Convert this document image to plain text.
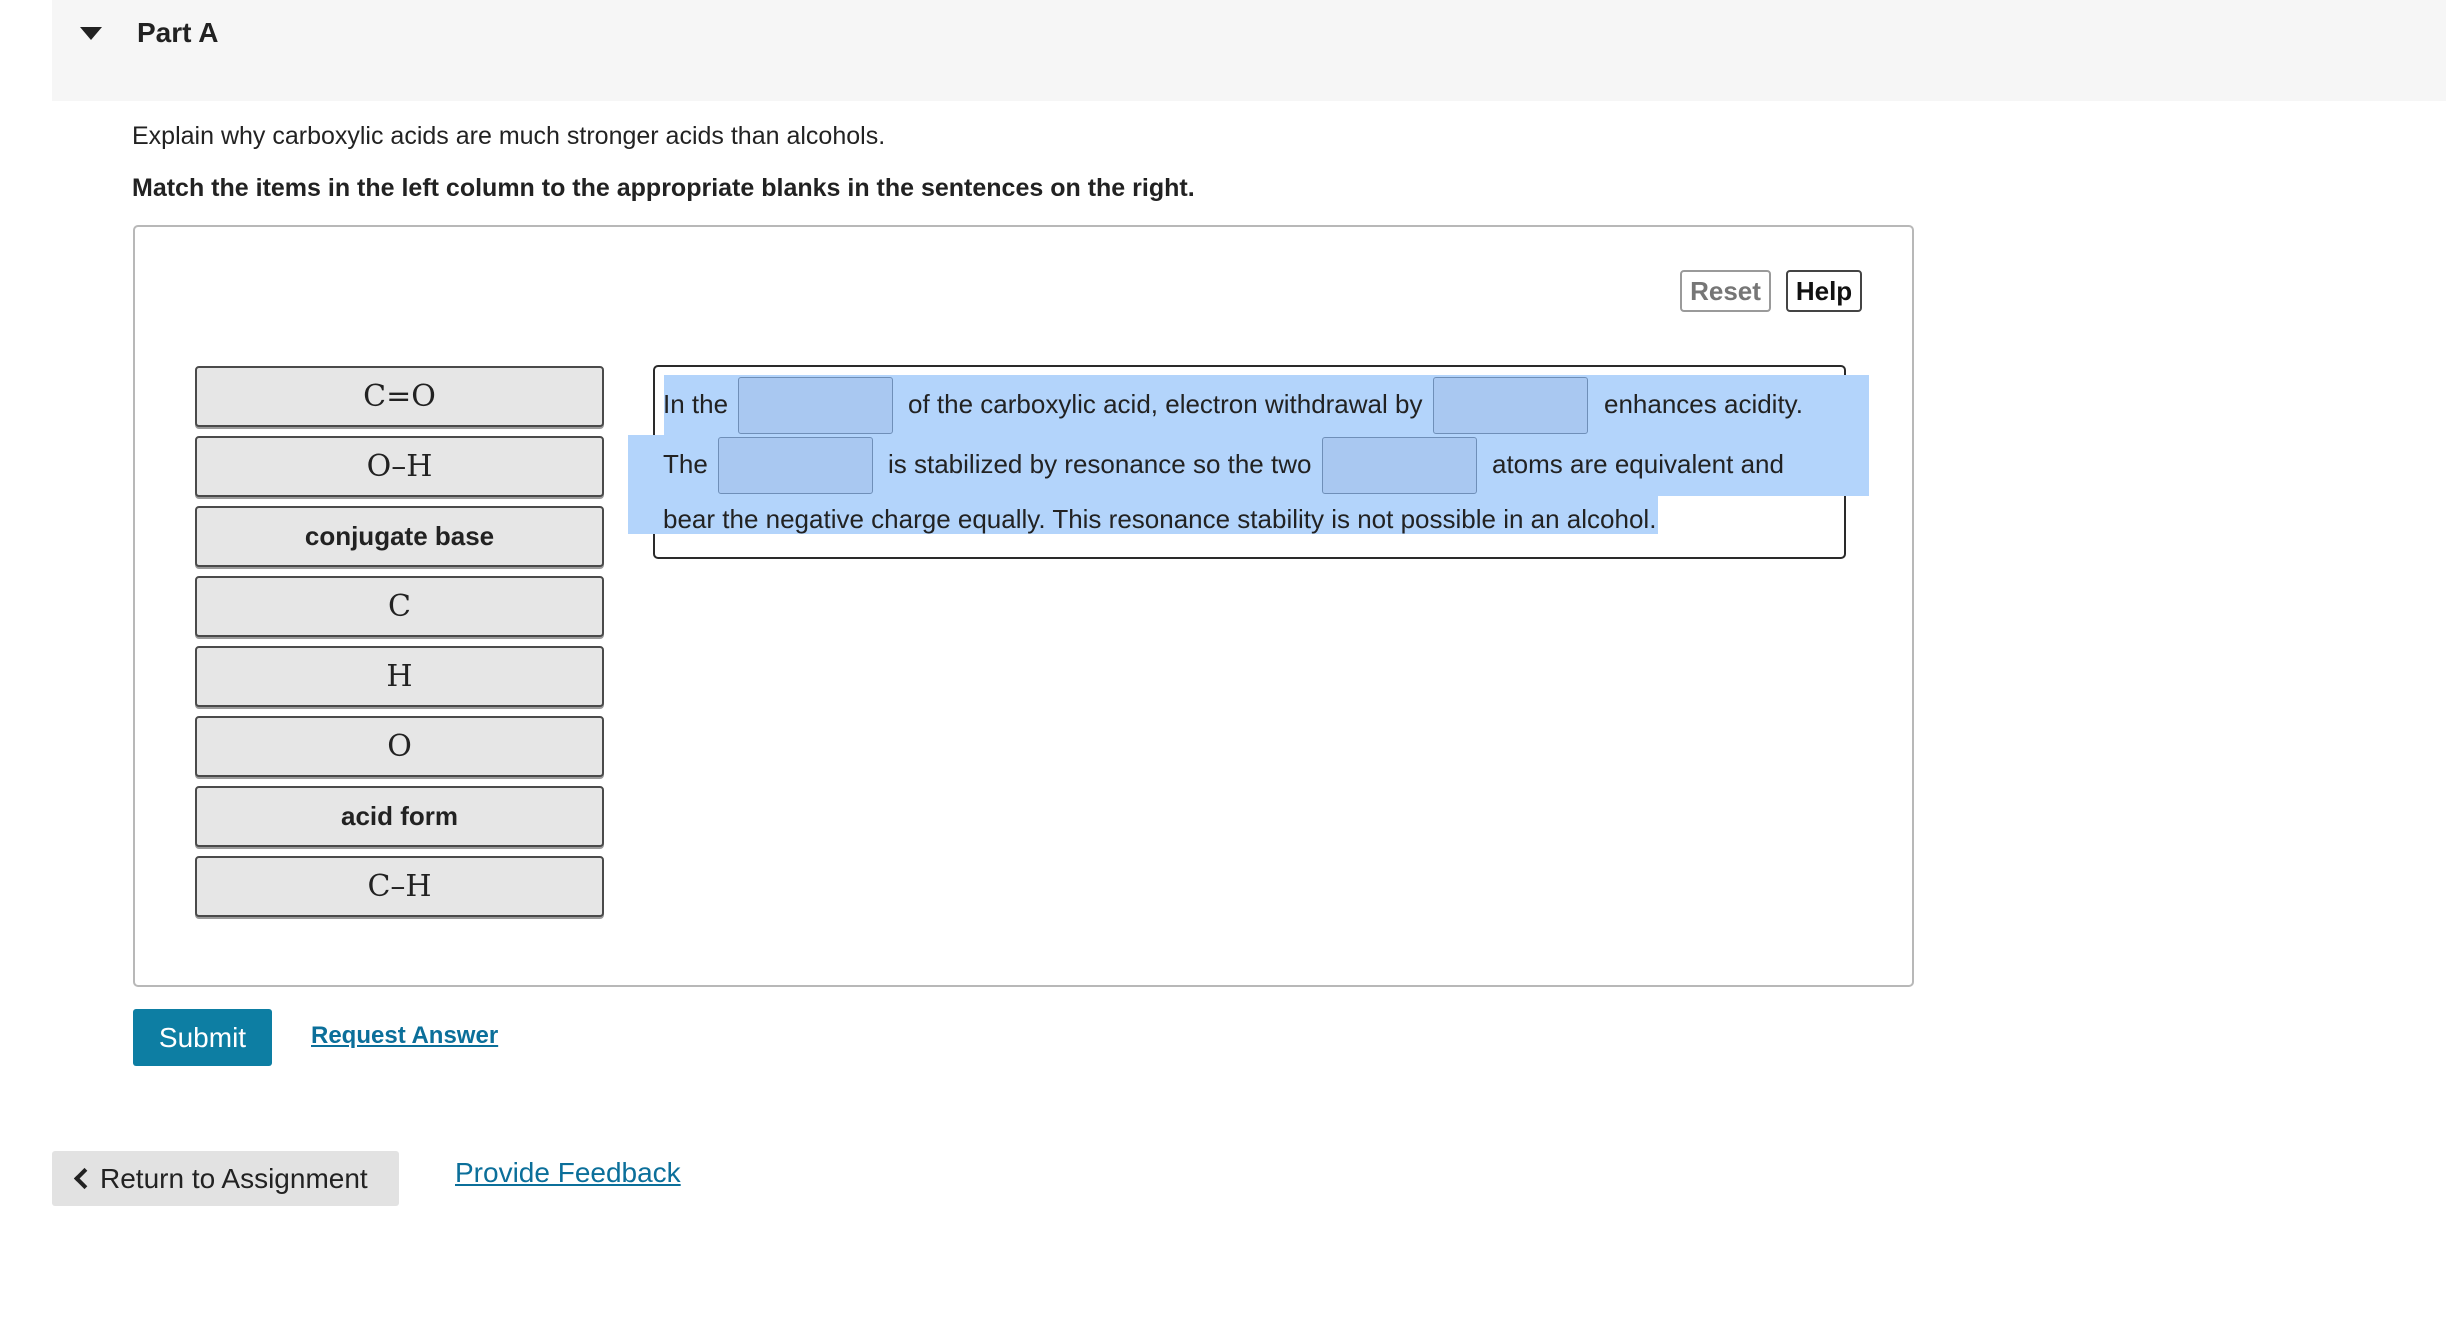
Part A
Explain why carboxylic acids are much stronger acids than alcohols.
Match the items in the left column to the appropriate blanks in the sentences on the right.
Reset	Help
C=O
O–H
conjugate base
C
H
O
acid form
C–H
In the	of the carboxylic acid, electron withdrawal by	enhances acidity.
The	is stabilized by resonance so the two	atoms are equivalent and
bear the negative charge equally. This resonance stability is not possible in an alcohol.
Submit	Request Answer
Return to Assignment	Provide Feedback
